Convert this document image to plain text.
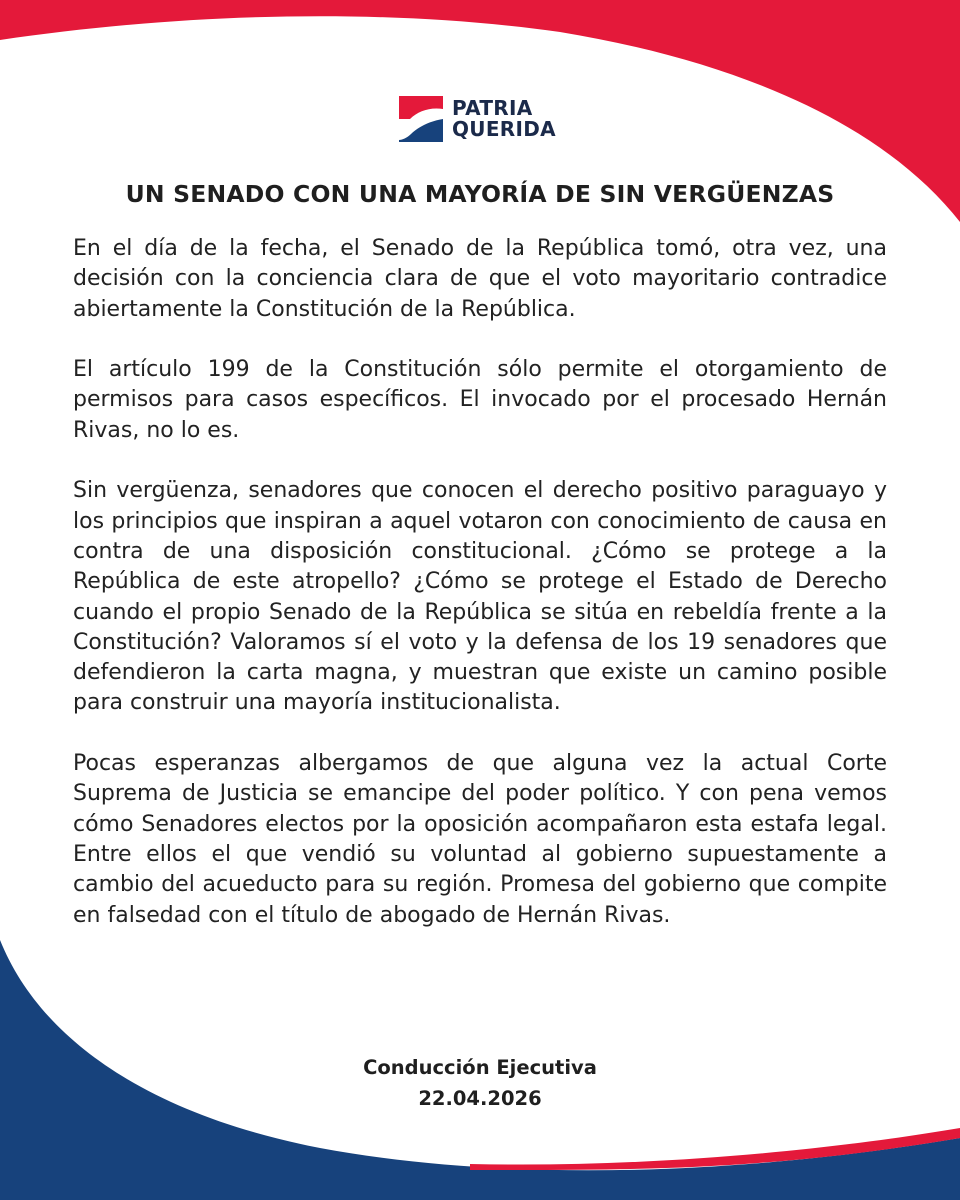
PATRIA
QUERIDA
UN SENADO CON UNA MAYORÍA DE SIN VERGÜENZAS

En el día de la fecha, el Senado de la República tomó, otra vez, una decisión con la conciencia clara de que el voto mayoritario contradice abiertamente la Constitución de la República.

El artículo 199 de la Constitución sólo permite el otorgamiento de permisos para casos específicos. El invocado por el procesado Hernán Rivas, no lo es.

Sin vergüenza, senadores que conocen el derecho positivo paraguayo y los principios que inspiran a aquel votaron con conocimiento de causa en contra de una disposición constitucional. ¿Cómo se protege a la República de este atropello? ¿Cómo se protege el Estado de Derecho cuando el propio Senado de la República se sitúa en rebeldía frente a la Constitución? Valoramos sí el voto y la defensa de los 19 senadores que defendieron la carta magna, y muestran que existe un camino posible para construir una mayoría institucionalista.

Pocas esperanzas albergamos de que alguna vez la actual Corte Suprema de Justicia se emancipe del poder político. Y con pena vemos cómo Senadores electos por la oposición acompañaron esta estafa legal. Entre ellos el que vendió su voluntad al gobierno supuestamente a cambio del acueducto para su región. Promesa del gobierno que compite en falsedad con el título de abogado de Hernán Rivas.

Conducción Ejecutiva
22.04.2026
